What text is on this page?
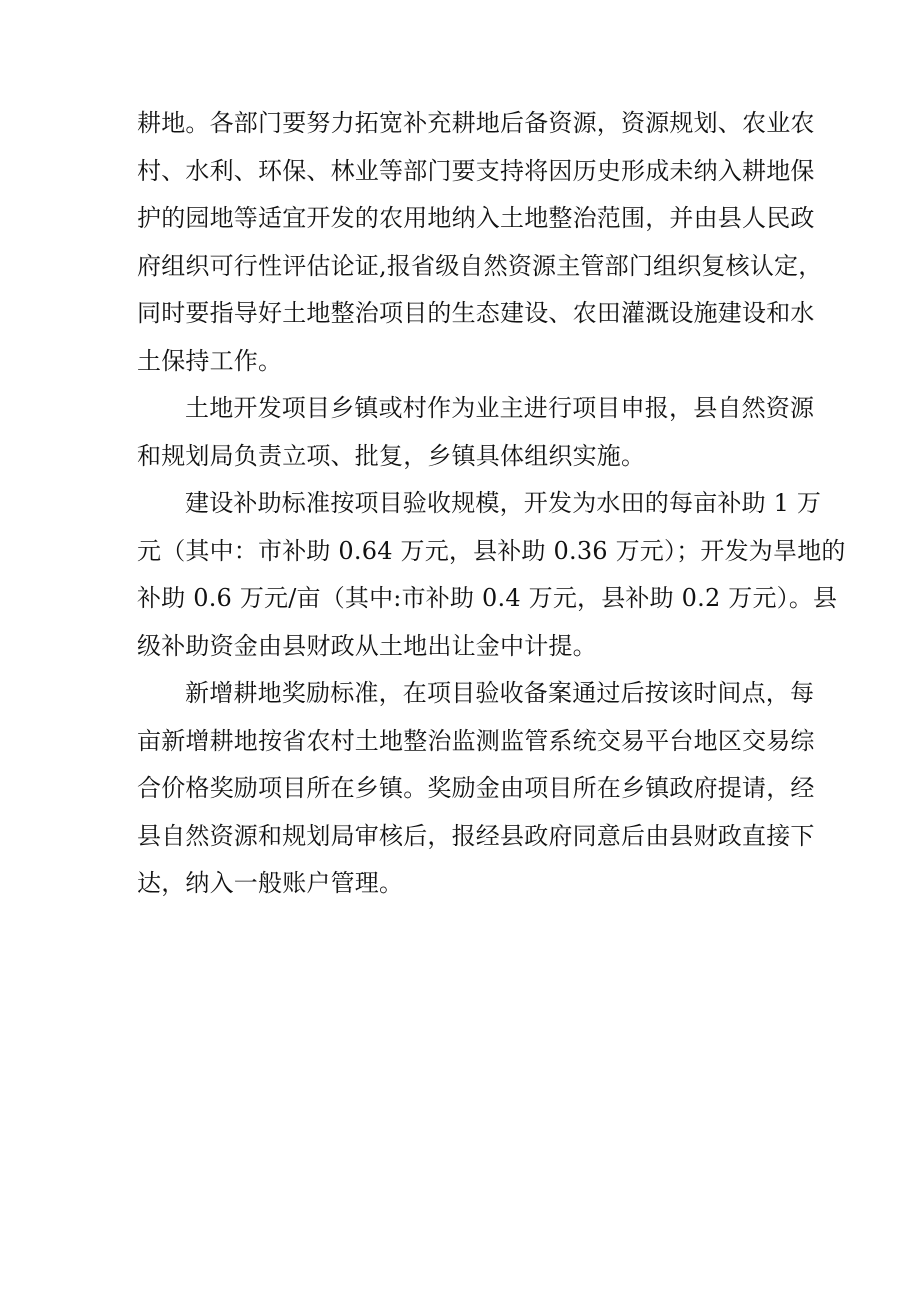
耕地。各部门要努力拓宽补充耕地后备资源，资源规划、农业农
村、水利、环保、林业等部门要支持将因历史形成未纳入耕地保
护的园地等适宜开发的农用地纳入土地整治范围，并由县人民政
府组织可行性评估论证,报省级自然资源主管部门组织复核认定，
同时要指导好土地整治项目的生态建设、农田灌溉设施建设和水
土保持工作。
土地开发项目乡镇或村作为业主进行项目申报，县自然资源
和规划局负责立项、批复，乡镇具体组织实施。
建设补助标准按项目验收规模，开发为水田的每亩补助 1 万
元（其中：市补助 0.64 万元，县补助 0.36 万元）；开发为旱地的
补助 0.6 万元/亩（其中:市补助 0.4 万元，县补助 0.2 万元）。县
级补助资金由县财政从土地出让金中计提。
新增耕地奖励标准，在项目验收备案通过后按该时间点，每
亩新增耕地按省农村土地整治监测监管系统交易平台地区交易综
合价格奖励项目所在乡镇。奖励金由项目所在乡镇政府提请，经
县自然资源和规划局审核后，报经县政府同意后由县财政直接下
达，纳入一般账户管理。
